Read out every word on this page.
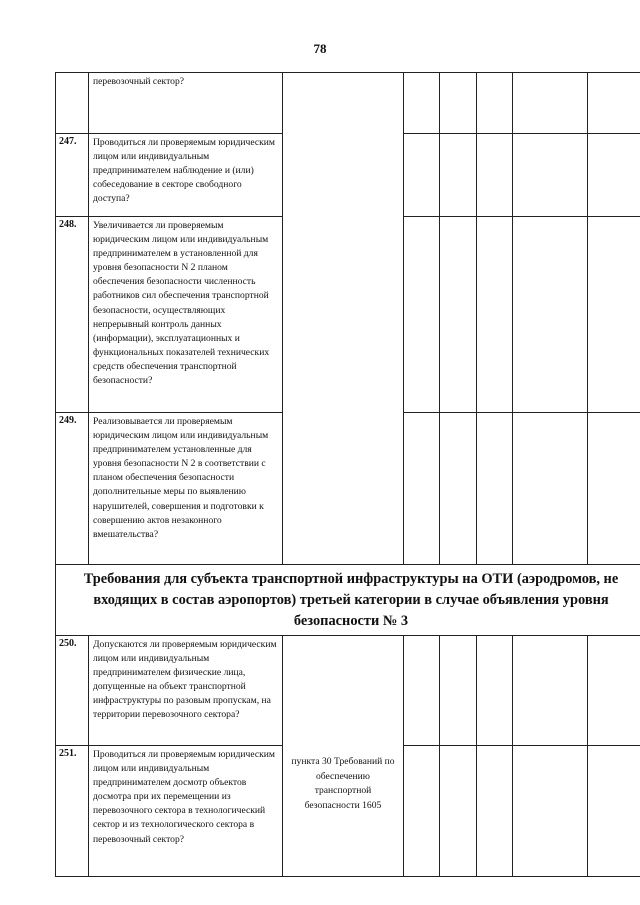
78
	перевозочный сектор?						
247.	Проводиться ли проверяемым юридическим лицом или индивидуальным предпринимателем наблюдение и (или) собеседование в секторе свободного доступа?						
248.	Увеличивается ли проверяемым юридическим лицом или индивидуальным предпринимателем в установленной для уровня безопасности N 2 планом обеспечения безопасности численность работников сил обеспечения транспортной безопасности, осуществляющих непрерывный контроль данных (информации), эксплуатационных и функциональных показателей технических средств обеспечения транспортной безопасности?						
249.	Реализовывается ли проверяемым юридическим лицом или индивидуальным предпринимателем установленные для уровня безопасности N 2 в соответствии с планом обеспечения безопасности дополнительные меры по выявлению нарушителей, совершения и подготовки к совершению актов незаконного вмешательства?						
Требования для субъекта транспортной инфраструктуры на ОТИ (аэродромов, не входящих в состав аэропортов) третьей категории в случае объявления уровня безопасности № 3							
250.	Допускаются ли проверяемым юридическим лицом или индивидуальным предпринимателем физические лица, допущенные на объект транспортной инфраструктуры по разовым пропускам, на территории перевозочного сектора?	пункта 30 Требований по обеспечению транспортной безопасности 1605					

251.	Проводиться ли проверяемым юридическим лицом или индивидуальным предпринимателем досмотр объектов досмотра при их перемещении из перевозочного сектора в технологический сектор и из технологического сектора в перевозочный сектор?						
